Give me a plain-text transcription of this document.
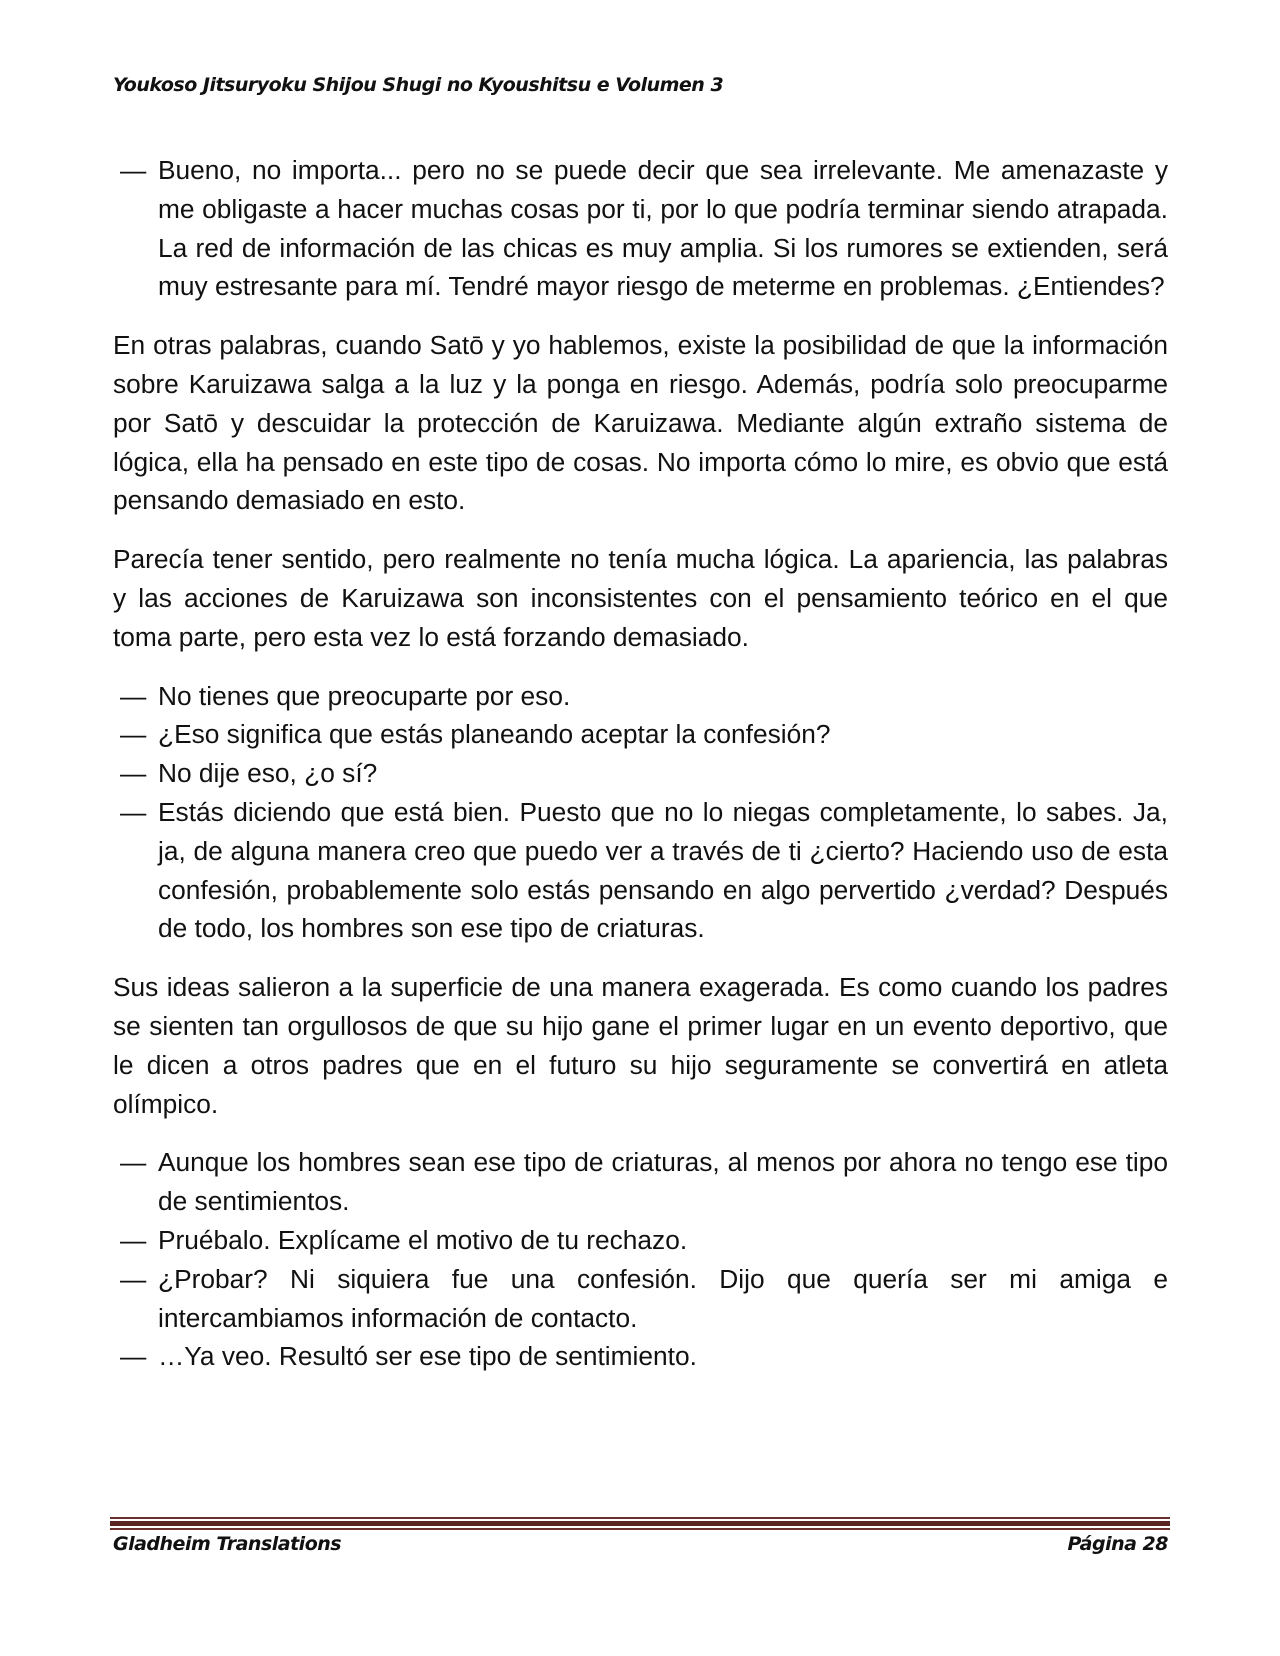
Youkoso Jitsuryoku Shijou Shugi no Kyoushitsu e Volumen 3
— Bueno, no importa... pero no se puede decir que sea irrelevante. Me amenazaste y me obligaste a hacer muchas cosas por ti, por lo que podría terminar siendo atrapada. La red de información de las chicas es muy amplia. Si los rumores se extienden, será muy estresante para mí. Tendré mayor riesgo de meterme en problemas. ¿Entiendes?

En otras palabras, cuando Satō y yo hablemos, existe la posibilidad de que la información sobre Karuizawa salga a la luz y la ponga en riesgo. Además, podría solo preocuparme por Satō y descuidar la protección de Karuizawa. Mediante algún extraño sistema de lógica, ella ha pensado en este tipo de cosas. No importa cómo lo mire, es obvio que está pensando demasiado en esto.

Parecía tener sentido, pero realmente no tenía mucha lógica. La apariencia, las palabras y las acciones de Karuizawa son inconsistentes con el pensamiento teórico en el que toma parte, pero esta vez lo está forzando demasiado.

— No tienes que preocuparte por eso.
— ¿Eso significa que estás planeando aceptar la confesión?
— No dije eso, ¿o sí?
— Estás diciendo que está bien. Puesto que no lo niegas completamente, lo sabes. Ja, ja, de alguna manera creo que puedo ver a través de ti ¿cierto? Haciendo uso de esta confesión, probablemente solo estás pensando en algo pervertido ¿verdad? Después de todo, los hombres son ese tipo de criaturas.

Sus ideas salieron a la superficie de una manera exagerada. Es como cuando los padres se sienten tan orgullosos de que su hijo gane el primer lugar en un evento deportivo, que le dicen a otros padres que en el futuro su hijo seguramente se convertirá en atleta olímpico.

— Aunque los hombres sean ese tipo de criaturas, al menos por ahora no tengo ese tipo de sentimientos.
— Pruébalo. Explícame el motivo de tu rechazo.
— ¿Probar? Ni siquiera fue una confesión. Dijo que quería ser mi amiga e intercambiamos información de contacto.
— …Ya veo. Resultó ser ese tipo de sentimiento.
Gladheim Translations	Página 28
